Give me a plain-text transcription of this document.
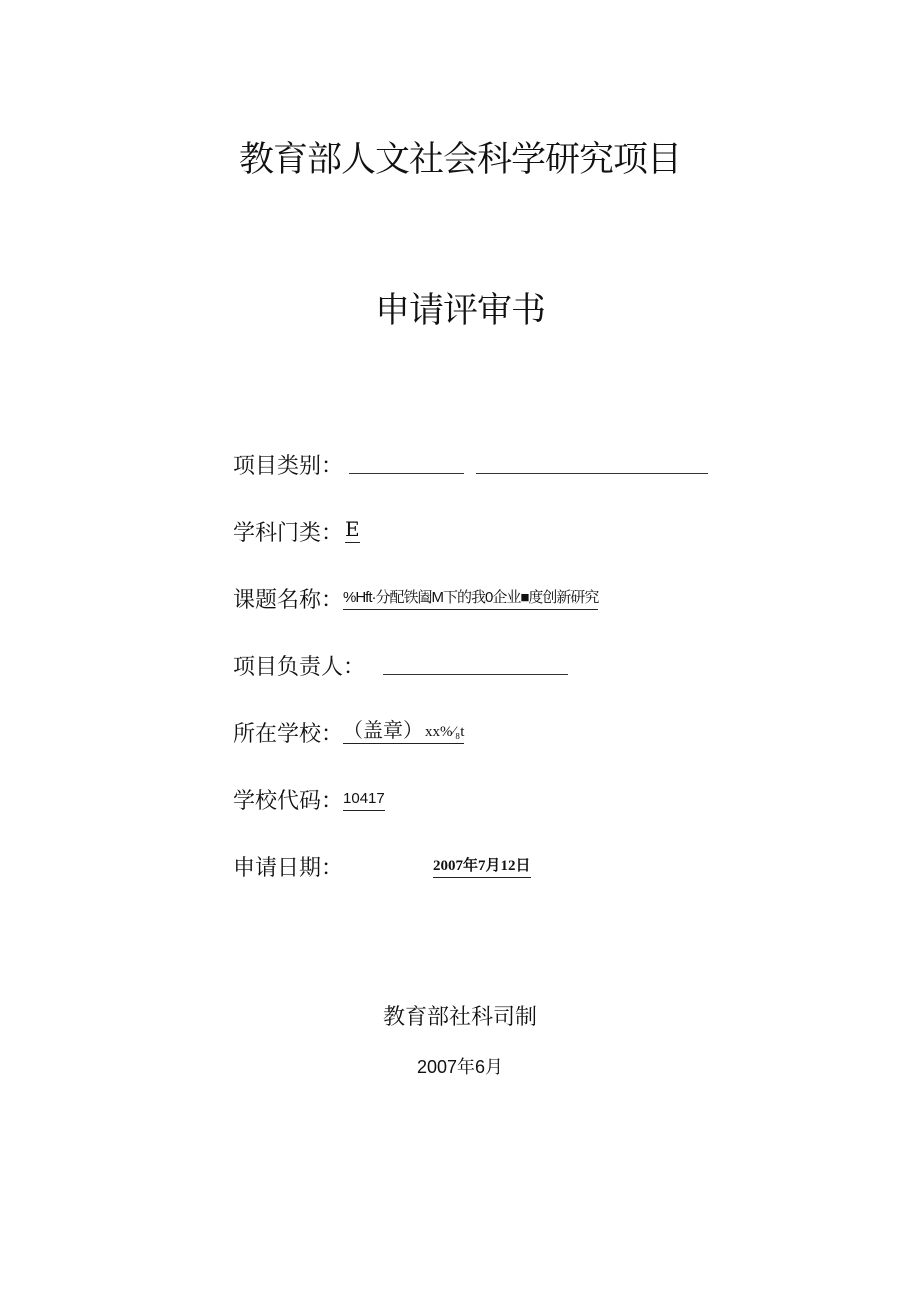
教育部人文社会科学研究项目
申请评审书
项目类别：
学科门类： E
课题名称： %Hft·分配铁阖M下的我0企业■度创新研究
项目负责人：
所在学校： （盖章） xx%⁄₈t
学校代码： 10417
申请日期：	2007年7月12日
教育部社科司制
2007年6月
